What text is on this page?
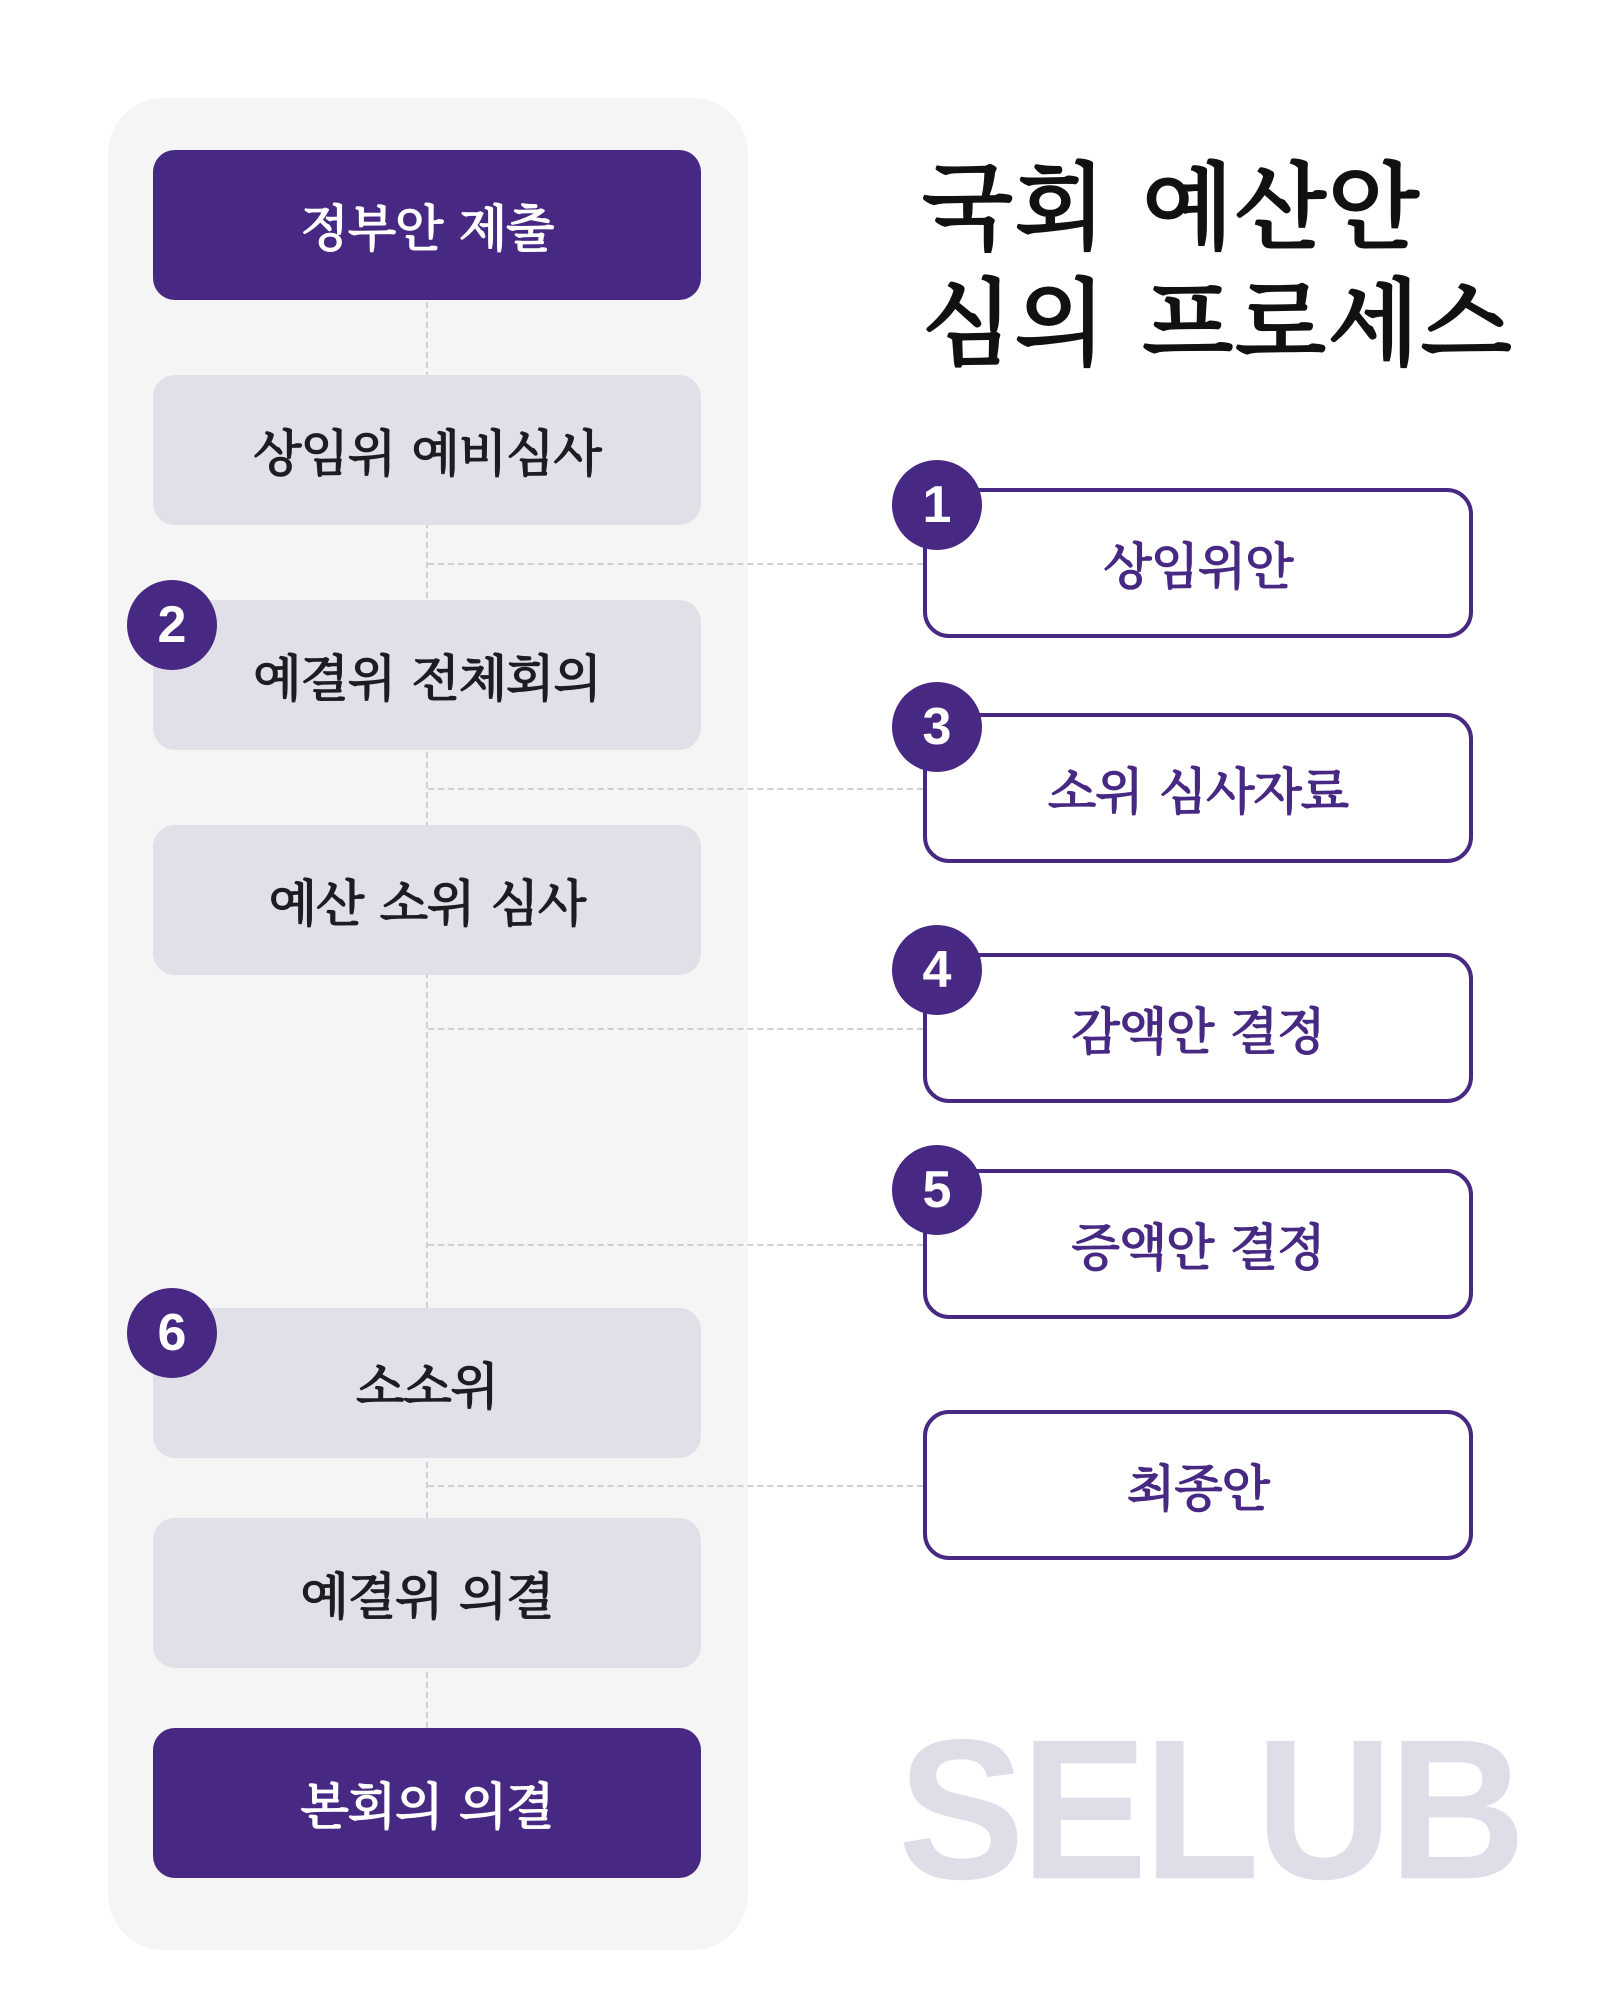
정부안 제출
상임위 예비심사
예결위 전체회의
예산 소위 심사
소소위
예결위 의결
본회의 의결
2
6
국회 예산안
심의 프로세스
상임위안
소위 심사자료
감액안 결정
증액안 결정
최종안
1
3
4
5
SELUB
